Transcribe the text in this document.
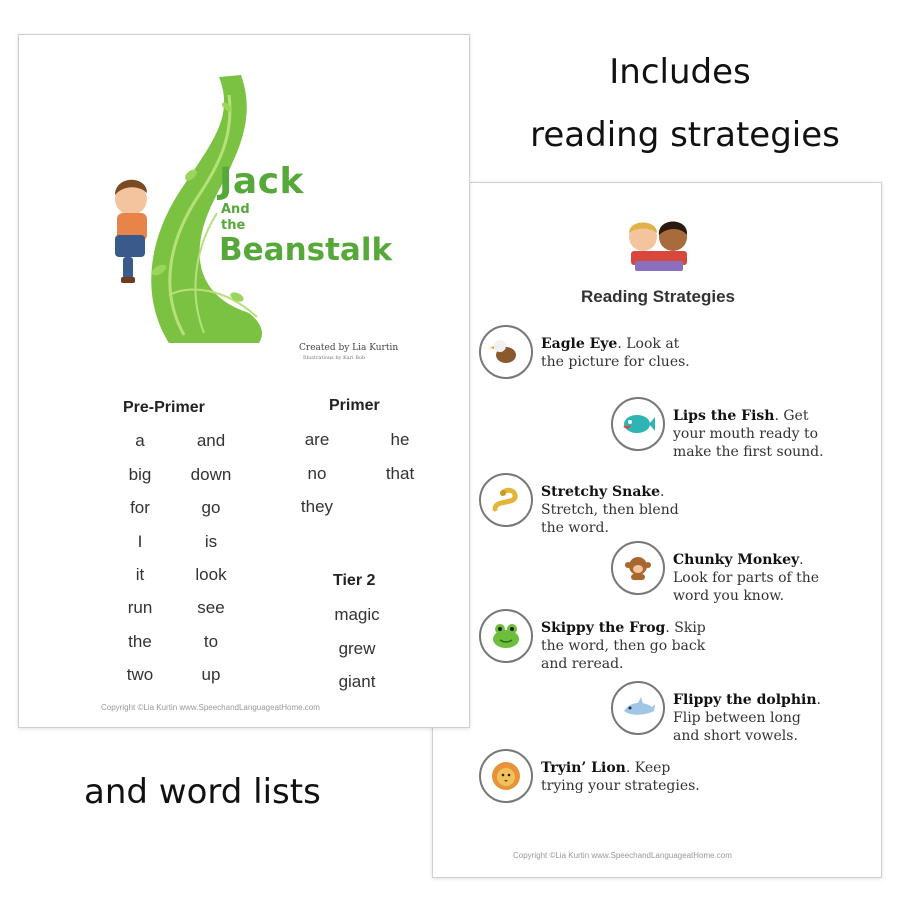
Includes
reading strategies
and word lists
Jack
And
the
Beanstalk
Created by Lia Kurtin
Illustrations by Kari Bob
Pre-Primer	Primer
Tier 2
a
big
for
I
it
run
the
two
and
down
go
is
look
see
to
up
are
no
they
he
that
magic
grew
giant
Copyright ©Lia Kurtin www.SpeechandLanguageatHome.com
Reading Strategies
Eagle Eye. Look at
the picture for clues.
Lips the Fish. Get
your mouth ready to
make the first sound.
Stretchy Snake.
Stretch, then blend
the word.
Chunky Monkey.
Look for parts of the
word you know.
Skippy the Frog. Skip
the word, then go back
and reread.
Flippy the dolphin.
Flip between long
and short vowels.
Tryin’ Lion. Keep
trying your strategies.
Copyright ©Lia Kurtin www.SpeechandLanguageatHome.com
